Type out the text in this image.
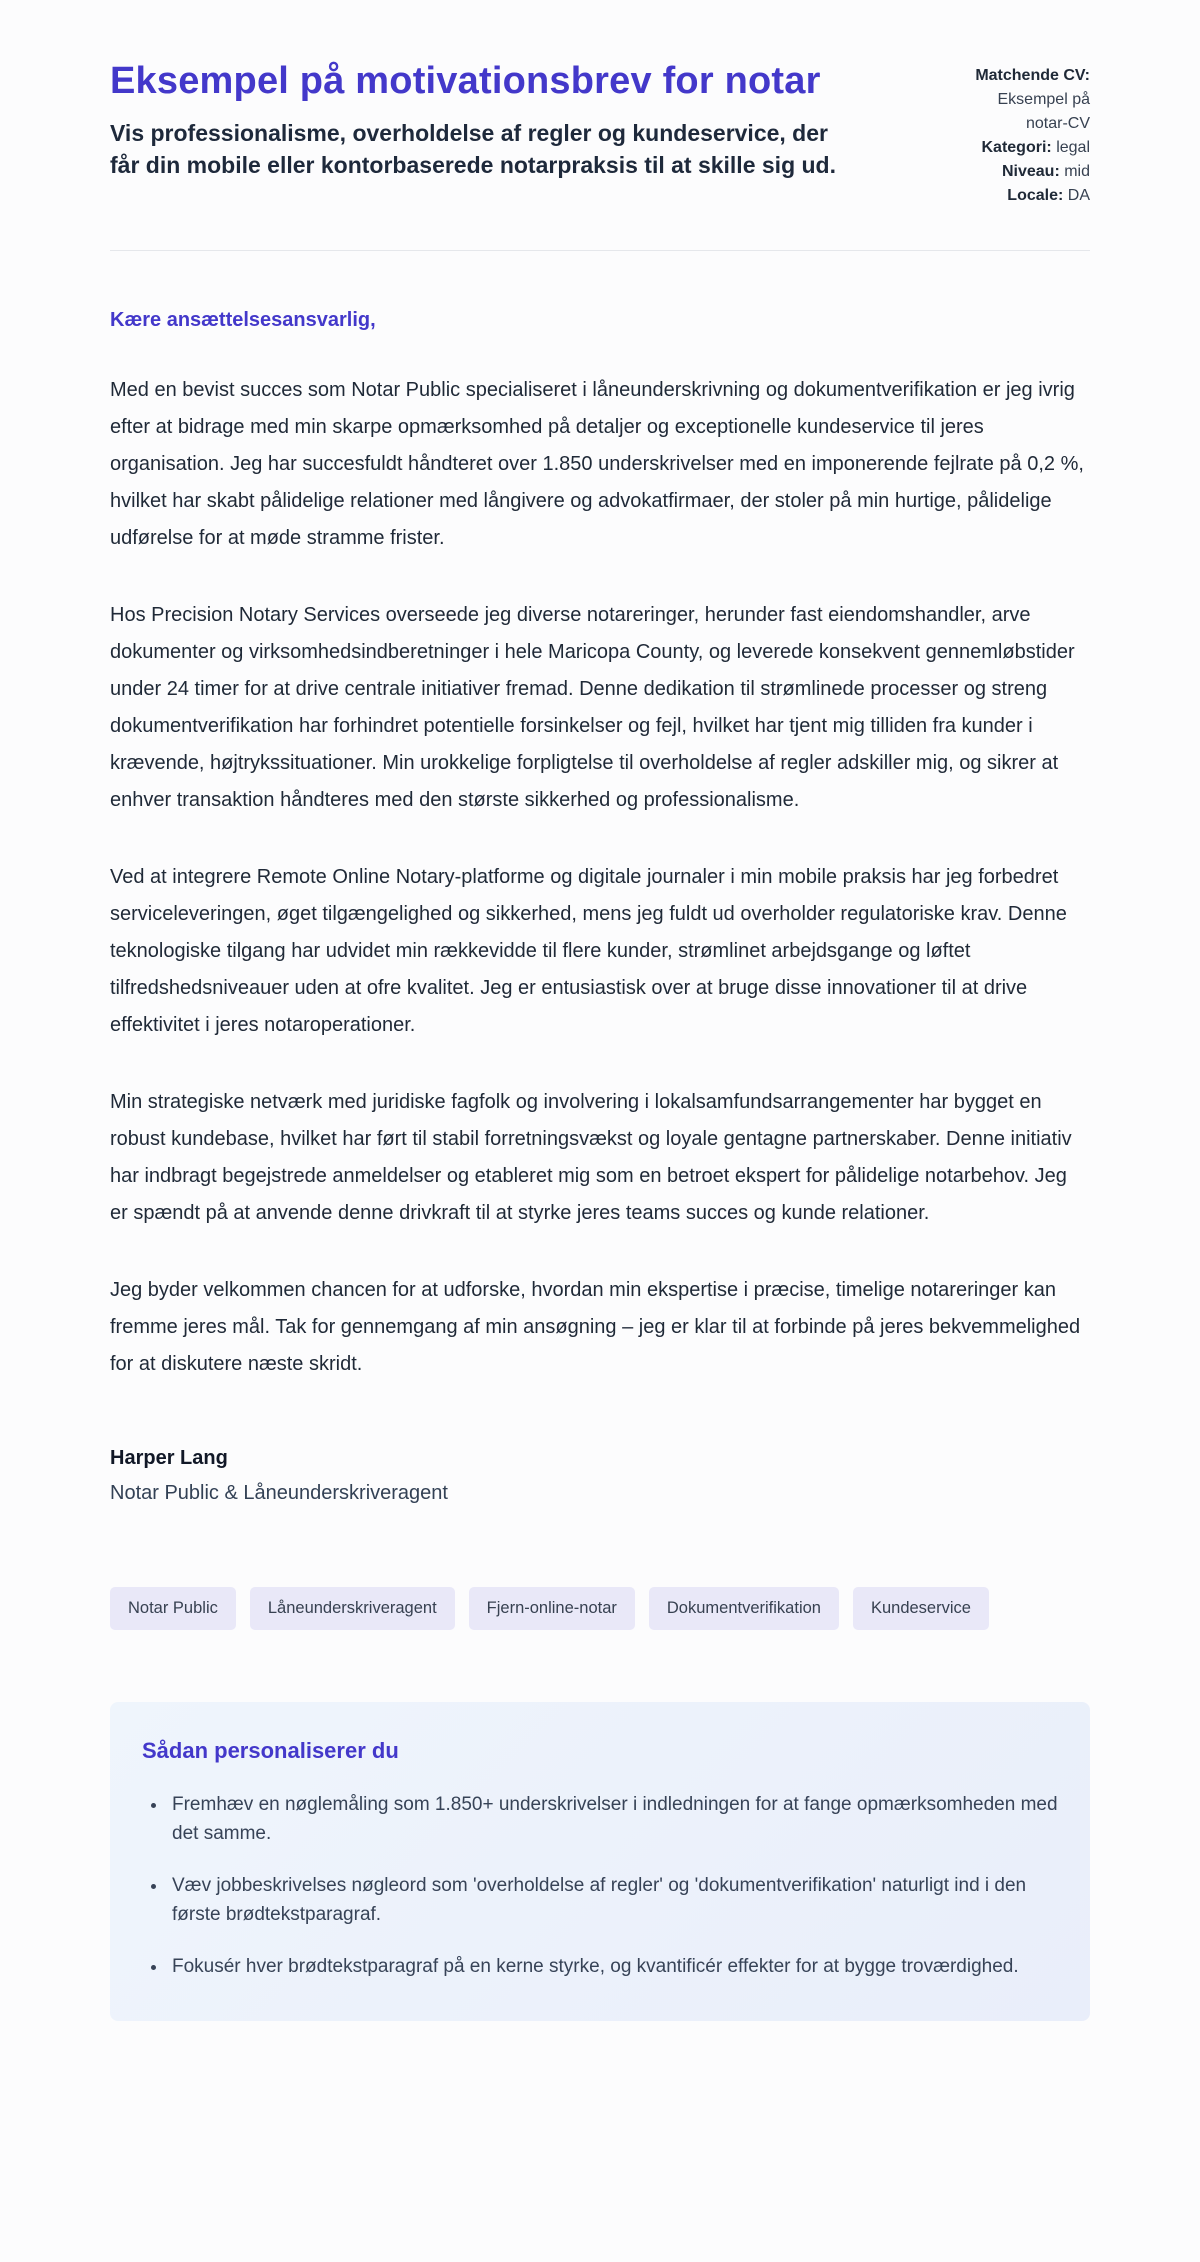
Eksempel på motivationsbrev for notar

Vis professionalisme, overholdelse af regler og kundeservice, der får din mobile eller kontorbaserede notarpraksis til at skille sig ud.

Matchende CV: Eksempel på notar-CV
Kategori: legal
Niveau: mid
Locale: DA

Kære ansættelsesansvarlig,

Med en bevist succes som Notar Public specialiseret i låneunderskrivning og dokumentverifikation er jeg ivrig efter at bidrage med min skarpe opmærksomhed på detaljer og exceptionelle kundeservice til jeres organisation. Jeg har succesfuldt håndteret over 1.850 underskrivelser med en imponerende fejlrate på 0,2 %, hvilket har skabt pålidelige relationer med långivere og advokatfirmaer, der stoler på min hurtige, pålidelige udførelse for at møde stramme frister.

Hos Precision Notary Services overseede jeg diverse notareringer, herunder fast eiendomshandler, arve dokumenter og virksomhedsindberetninger i hele Maricopa County, og leverede konsekvent gennemløbstider under 24 timer for at drive centrale initiativer fremad. Denne dedikation til strømlinede processer og streng dokumentverifikation har forhindret potentielle forsinkelser og fejl, hvilket har tjent mig tilliden fra kunder i krævende, højtrykssituationer. Min urokkelige forpligtelse til overholdelse af regler adskiller mig, og sikrer at enhver transaktion håndteres med den største sikkerhed og professionalisme.

Ved at integrere Remote Online Notary-platforme og digitale journaler i min mobile praksis har jeg forbedret serviceleveringen, øget tilgængelighed og sikkerhed, mens jeg fuldt ud overholder regulatoriske krav. Denne teknologiske tilgang har udvidet min rækkevidde til flere kunder, strømlinet arbejdsgange og løftet tilfredshedsniveauer uden at ofre kvalitet. Jeg er entusiastisk over at bruge disse innovationer til at drive effektivitet i jeres notaroperationer.

Min strategiske netværk med juridiske fagfolk og involvering i lokalsamfundsarrangementer har bygget en robust kundebase, hvilket har ført til stabil forretningsvækst og loyale gentagne partnerskaber. Denne initiativ har indbragt begejstrede anmeldelser og etableret mig som en betroet ekspert for pålidelige notarbehov. Jeg er spændt på at anvende denne drivkraft til at styrke jeres teams succes og kunde relationer.

Jeg byder velkommen chancen for at udforske, hvordan min ekspertise i præcise, timelige notareringer kan fremme jeres mål. Tak for gennemgang af min ansøgning – jeg er klar til at forbinde på jeres bekvemmelighed for at diskutere næste skridt.

Harper Lang

Notar Public & Låneunderskriveragent

Notar Public	Låneunderskriveragent	Fjern-online-notar	Dokumentverifikation	Kundeservice
Sådan personaliserer du
• Fremhæv en nøglemåling som 1.850+ underskrivelser i indledningen for at fange opmærksomheden med det samme.
• Væv jobbeskrivelses nøgleord som 'overholdelse af regler' og 'dokumentverifikation' naturligt ind i den første brødtekstparagraf.
• Fokusér hver brødtekstparagraf på en kerne styrke, og kvantificér effekter for at bygge troværdighed.
